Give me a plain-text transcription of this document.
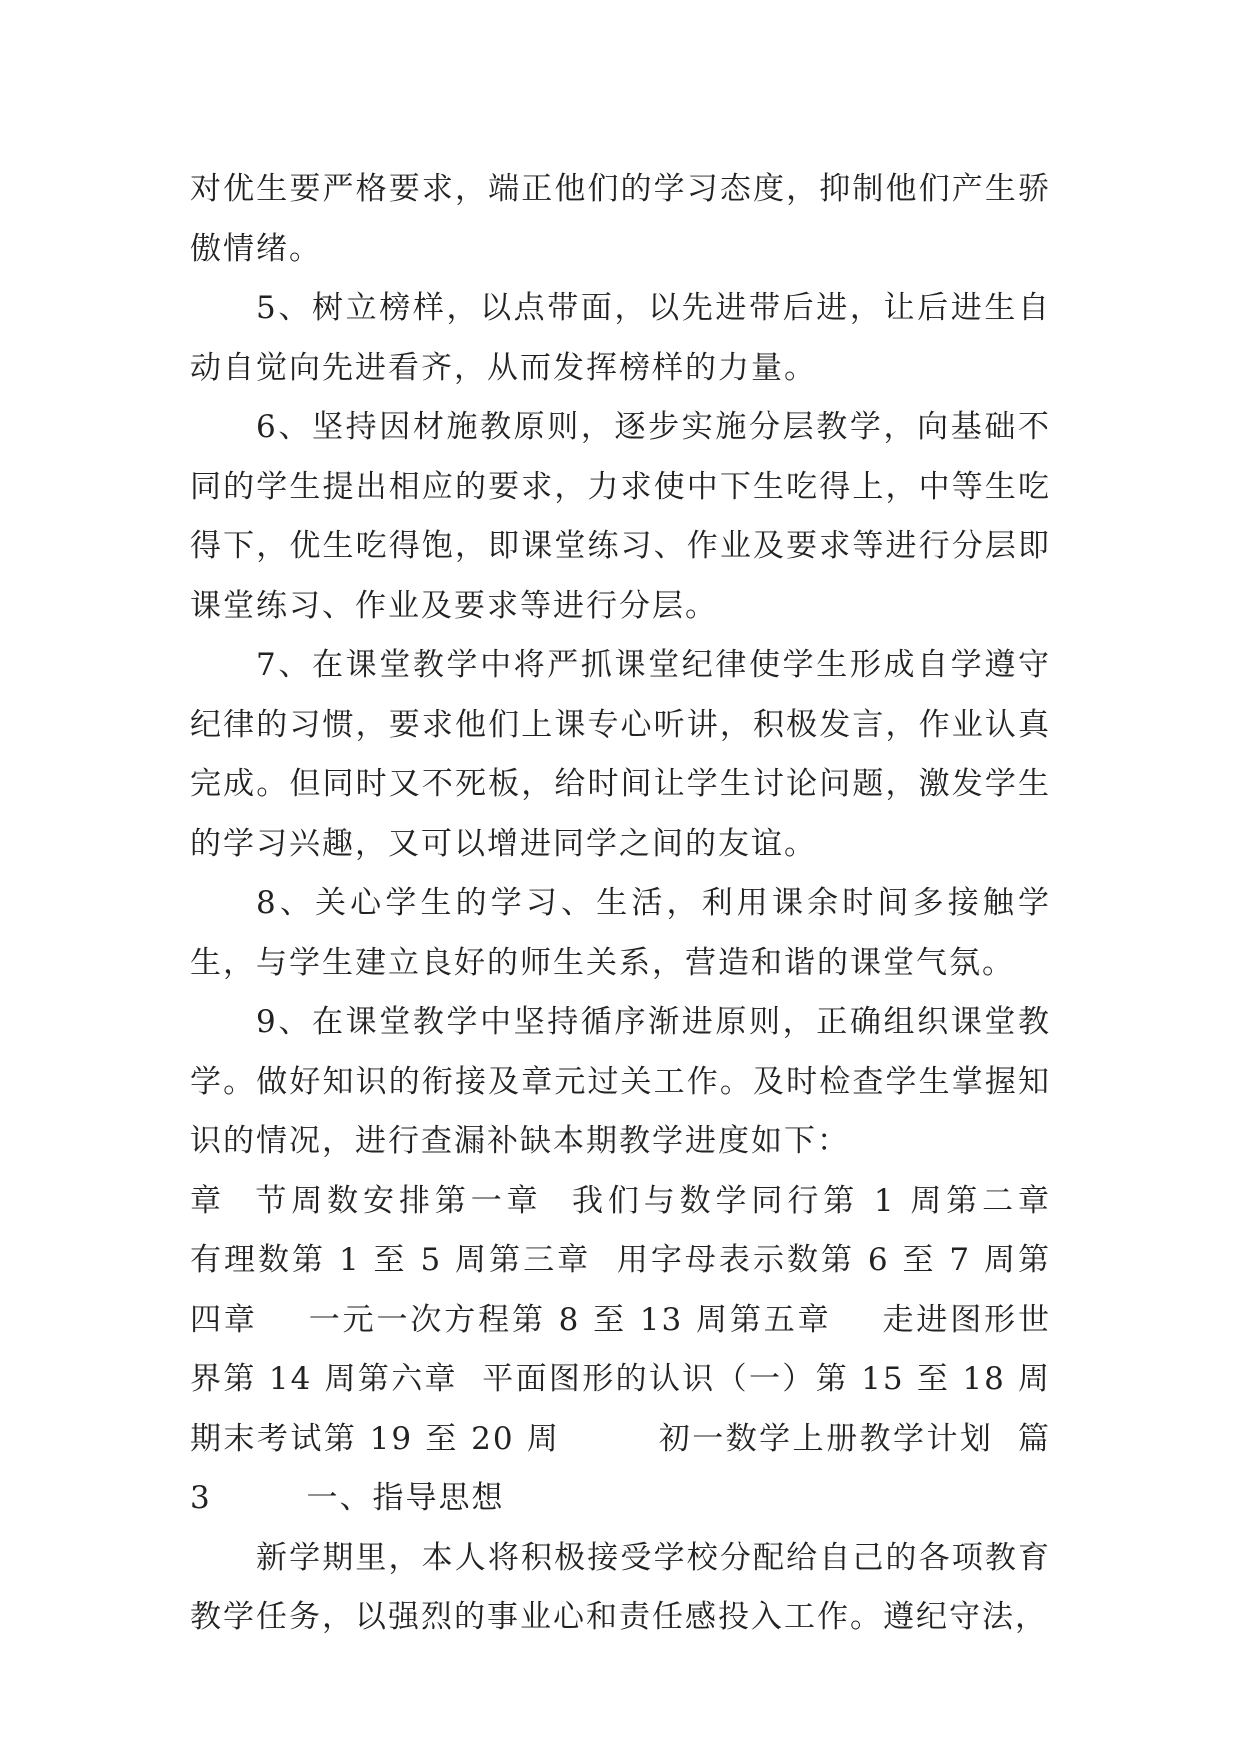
对优生要严格要求，端正他们的学习态度，抑制他们产生骄傲情绪。

5、树立榜样，以点带面，以先进带后进，让后进生自动自觉向先进看齐，从而发挥榜样的力量。

6、坚持因材施教原则，逐步实施分层教学，向基础不同的学生提出相应的要求，力求使中下生吃得上，中等生吃得下，优生吃得饱，即课堂练习、作业及要求等进行分层即课堂练习、作业及要求等进行分层。

7、在课堂教学中将严抓课堂纪律使学生形成自学遵守纪律的习惯，要求他们上课专心听讲，积极发言，作业认真完成。但同时又不死板，给时间让学生讨论问题，激发学生的学习兴趣，又可以增进同学之间的友谊。

8、关心学生的学习、生活，利用课余时间多接触学生，与学生建立良好的师生关系，营造和谐的课堂气氛。

9、在课堂教学中坚持循序渐进原则，正确组织课堂教学。做好知识的衔接及章元过关工作。及时检查学生掌握知识的情况，进行查漏补缺本期教学进度如下：

章  节周数安排第一章  我们与数学同行第 1 周第二章    有理数第 1 至 5 周第三章  用字母表示数第 6 至 7 周第四章    一元一次方程第 8 至 13 周第五章    走进图形世界第 14 周第六章  平面图形的认识（一）第 15 至 18 周期末考试第 19 至 20 周        初一数学上册教学计划  篇 3        一、指导思想

新学期里，本人将积极接受学校分配给自己的各项教育教学任务，以强烈的事业心和责任感投入工作。遵纪守法，
